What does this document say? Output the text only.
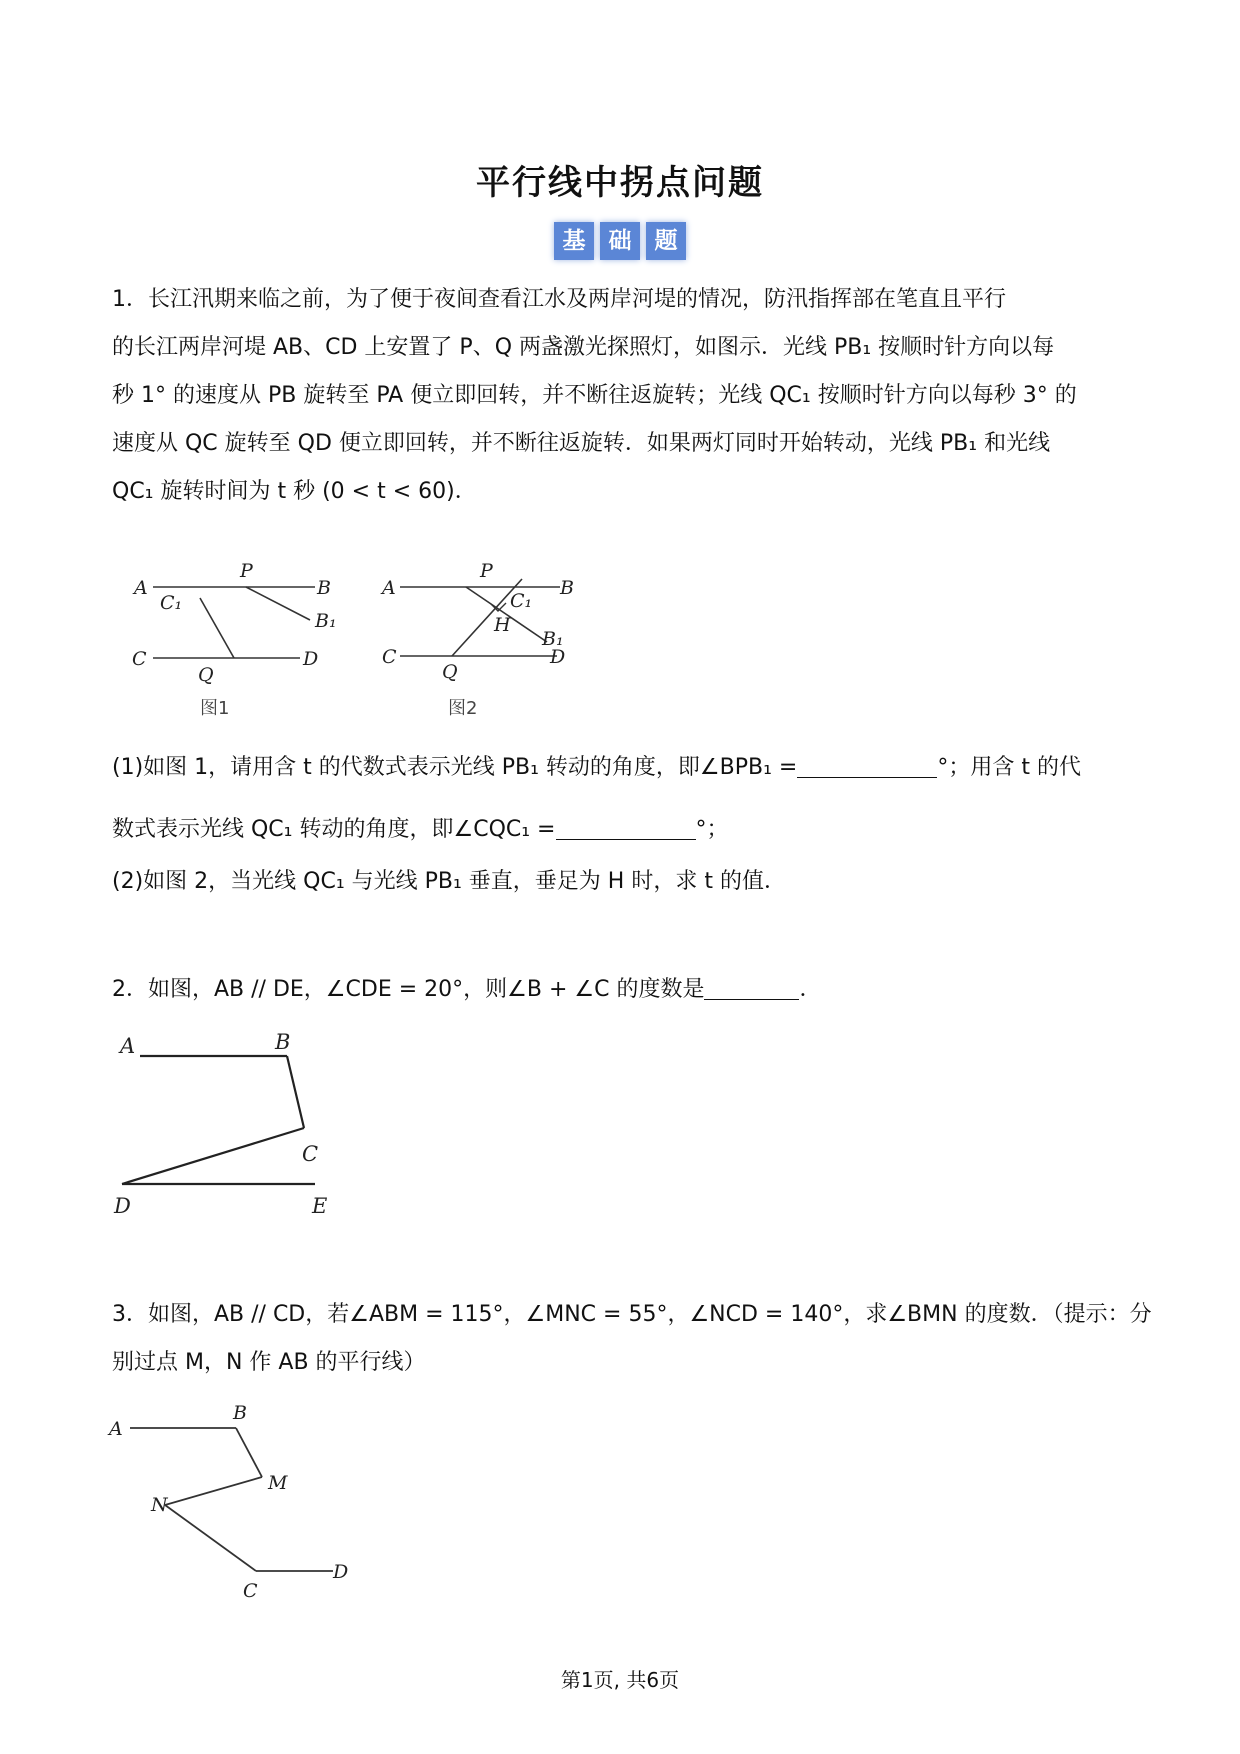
平行线中拐点问题
基 础 题
1．长江汛期来临之前，为了便于夜间查看江水及两岸河堤的情况，防汛指挥部在笔直且平行
的长江两岸河堤 AB、CD 上安置了 P、Q 两盏激光探照灯，如图示．光线 PB₁ 按顺时针方向以每
秒 1° 的速度从 PB 旋转至 PA 便立即回转，并不断往返旋转；光线 QC₁ 按顺时针方向以每秒 3° 的
速度从 QC 旋转至 QD 便立即回转，并不断往返旋转．如果两灯同时开始转动，光线 PB₁ 和光线
QC₁ 旋转时间为 t 秒 (0 < t < 60)．
A
P
B
B₁
C₁
C	D
Q
图1
A
P
B
C₁
H
B₁
C	D
Q
图2
(1)如图 1，请用含 t 的代数式表示光线 PB₁ 转动的角度，即∠BPB₁ =	°；用含 t 的代
数式表示光线 QC₁ 转动的角度，即∠CQC₁ =	°；
(2)如图 2，当光线 QC₁ 与光线 PB₁ 垂直，垂足为 H 时，求 t 的值．
2．如图，AB // DE，∠CDE = 20°，则∠B + ∠C 的度数是	．
A	B
C
D	E
3．如图，AB // CD，若∠ABM = 115°，∠MNC = 55°，∠NCD = 140°，求∠BMN 的度数．（提示：分
别过点 M，N 作 AB 的平行线）
A
B
M
N
C
D
第1页, 共6页
